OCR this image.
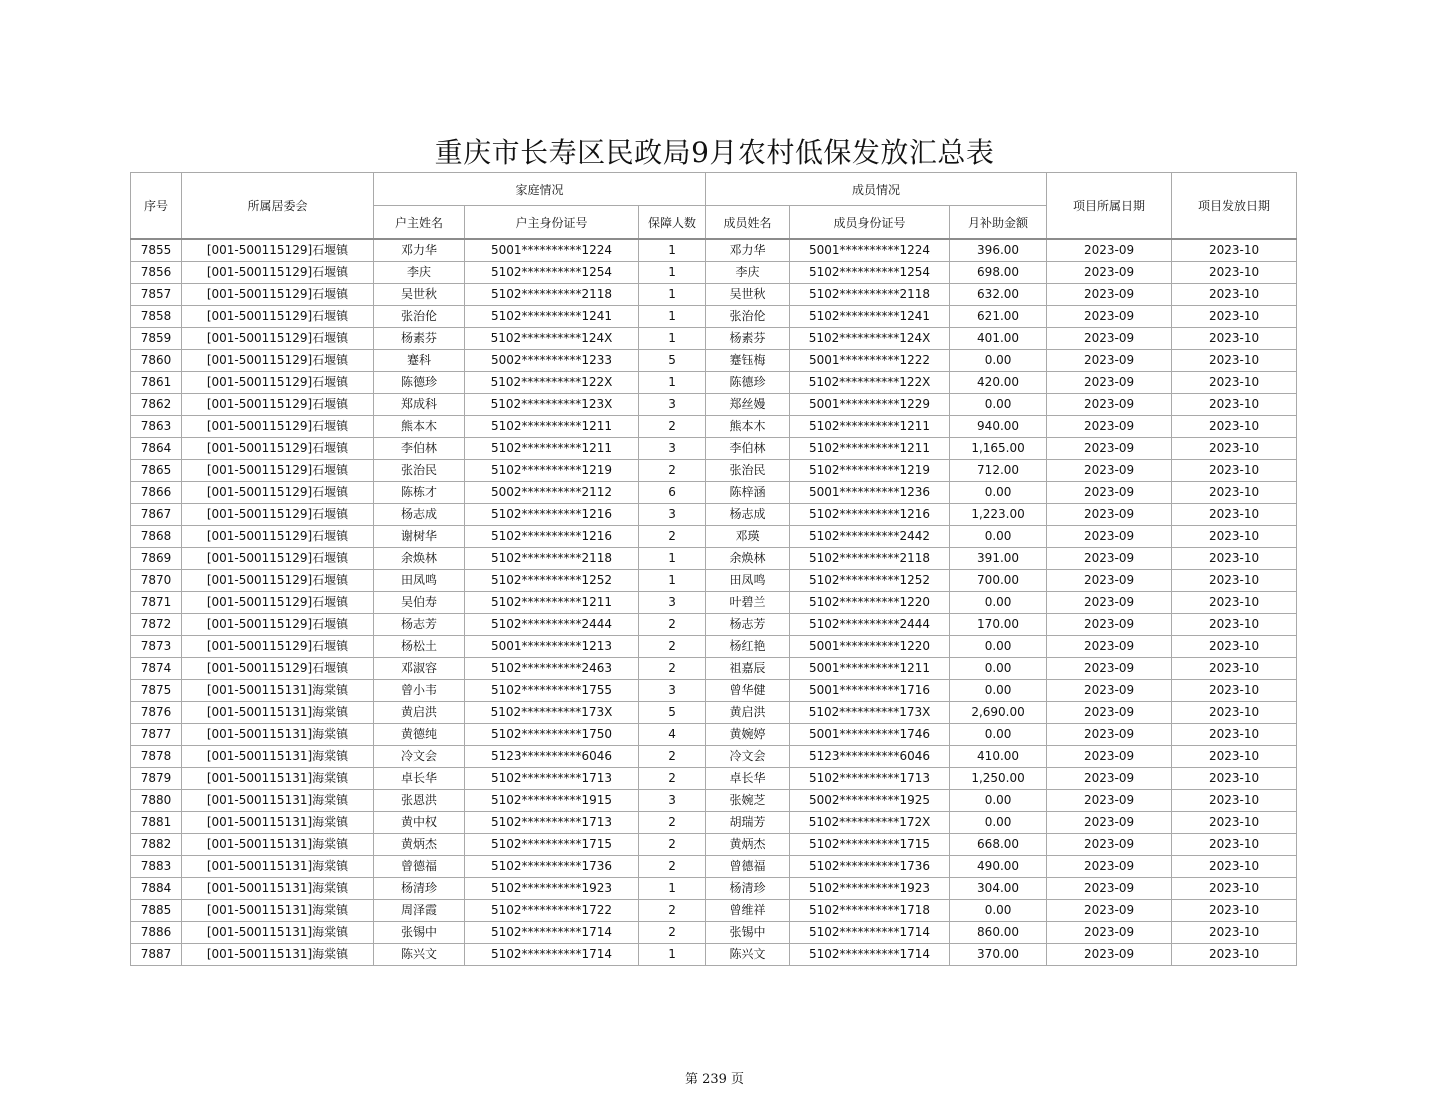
重庆市长寿区民政局9月农村低保发放汇总表
序号	所属居委会	家庭情况			成员情况			项目所属日期	项目发放日期
		户主姓名	户主身份证号	保障人数	成员姓名	成员身份证号	月补助金额		
7855	[001-500115129]石堰镇	邓力华	5001**********1224	1	邓力华	5001**********1224	396.00	2023-09	2023-10
7856	[001-500115129]石堰镇	李庆	5102**********1254	1	李庆	5102**********1254	698.00	2023-09	2023-10
7857	[001-500115129]石堰镇	吴世秋	5102**********2118	1	吴世秋	5102**********2118	632.00	2023-09	2023-10
7858	[001-500115129]石堰镇	张治伦	5102**********1241	1	张治伦	5102**********1241	621.00	2023-09	2023-10
7859	[001-500115129]石堰镇	杨素芬	5102**********124X	1	杨素芬	5102**********124X	401.00	2023-09	2023-10
7860	[001-500115129]石堰镇	蹇科	5002**********1233	5	蹇钰梅	5001**********1222	0.00	2023-09	2023-10
7861	[001-500115129]石堰镇	陈德珍	5102**********122X	1	陈德珍	5102**********122X	420.00	2023-09	2023-10
7862	[001-500115129]石堰镇	郑成科	5102**********123X	3	郑丝嫚	5001**********1229	0.00	2023-09	2023-10
7863	[001-500115129]石堰镇	熊本木	5102**********1211	2	熊本木	5102**********1211	940.00	2023-09	2023-10
7864	[001-500115129]石堰镇	李伯林	5102**********1211	3	李伯林	5102**********1211	1,165.00	2023-09	2023-10
7865	[001-500115129]石堰镇	张治民	5102**********1219	2	张治民	5102**********1219	712.00	2023-09	2023-10
7866	[001-500115129]石堰镇	陈栋才	5002**********2112	6	陈梓涵	5001**********1236	0.00	2023-09	2023-10
7867	[001-500115129]石堰镇	杨志成	5102**********1216	3	杨志成	5102**********1216	1,223.00	2023-09	2023-10
7868	[001-500115129]石堰镇	谢树华	5102**********1216	2	邓瑛	5102**********2442	0.00	2023-09	2023-10
7869	[001-500115129]石堰镇	余焕林	5102**********2118	1	余焕林	5102**********2118	391.00	2023-09	2023-10
7870	[001-500115129]石堰镇	田凤鸣	5102**********1252	1	田凤鸣	5102**********1252	700.00	2023-09	2023-10
7871	[001-500115129]石堰镇	吴伯寿	5102**********1211	3	叶碧兰	5102**********1220	0.00	2023-09	2023-10
7872	[001-500115129]石堰镇	杨志芳	5102**********2444	2	杨志芳	5102**********2444	170.00	2023-09	2023-10
7873	[001-500115129]石堰镇	杨松土	5001**********1213	2	杨红艳	5001**********1220	0.00	2023-09	2023-10
7874	[001-500115129]石堰镇	邓淑容	5102**********2463	2	祖嘉辰	5001**********1211	0.00	2023-09	2023-10
7875	[001-500115131]海棠镇	曾小韦	5102**********1755	3	曾华健	5001**********1716	0.00	2023-09	2023-10
7876	[001-500115131]海棠镇	黄启洪	5102**********173X	5	黄启洪	5102**********173X	2,690.00	2023-09	2023-10
7877	[001-500115131]海棠镇	黄德纯	5102**********1750	4	黄婉婷	5001**********1746	0.00	2023-09	2023-10
7878	[001-500115131]海棠镇	冷文会	5123**********6046	2	冷文会	5123**********6046	410.00	2023-09	2023-10
7879	[001-500115131]海棠镇	卓长华	5102**********1713	2	卓长华	5102**********1713	1,250.00	2023-09	2023-10
7880	[001-500115131]海棠镇	张恩洪	5102**********1915	3	张婉芝	5002**********1925	0.00	2023-09	2023-10
7881	[001-500115131]海棠镇	黄中权	5102**********1713	2	胡瑞芳	5102**********172X	0.00	2023-09	2023-10
7882	[001-500115131]海棠镇	黄炳杰	5102**********1715	2	黄炳杰	5102**********1715	668.00	2023-09	2023-10
7883	[001-500115131]海棠镇	曾德福	5102**********1736	2	曾德福	5102**********1736	490.00	2023-09	2023-10
7884	[001-500115131]海棠镇	杨清珍	5102**********1923	1	杨清珍	5102**********1923	304.00	2023-09	2023-10
7885	[001-500115131]海棠镇	周泽霞	5102**********1722	2	曾维祥	5102**********1718	0.00	2023-09	2023-10
7886	[001-500115131]海棠镇	张锡中	5102**********1714	2	张锡中	5102**********1714	860.00	2023-09	2023-10
7887	[001-500115131]海棠镇	陈兴文	5102**********1714	1	陈兴文	5102**********1714	370.00	2023-09	2023-10
第 239 页
